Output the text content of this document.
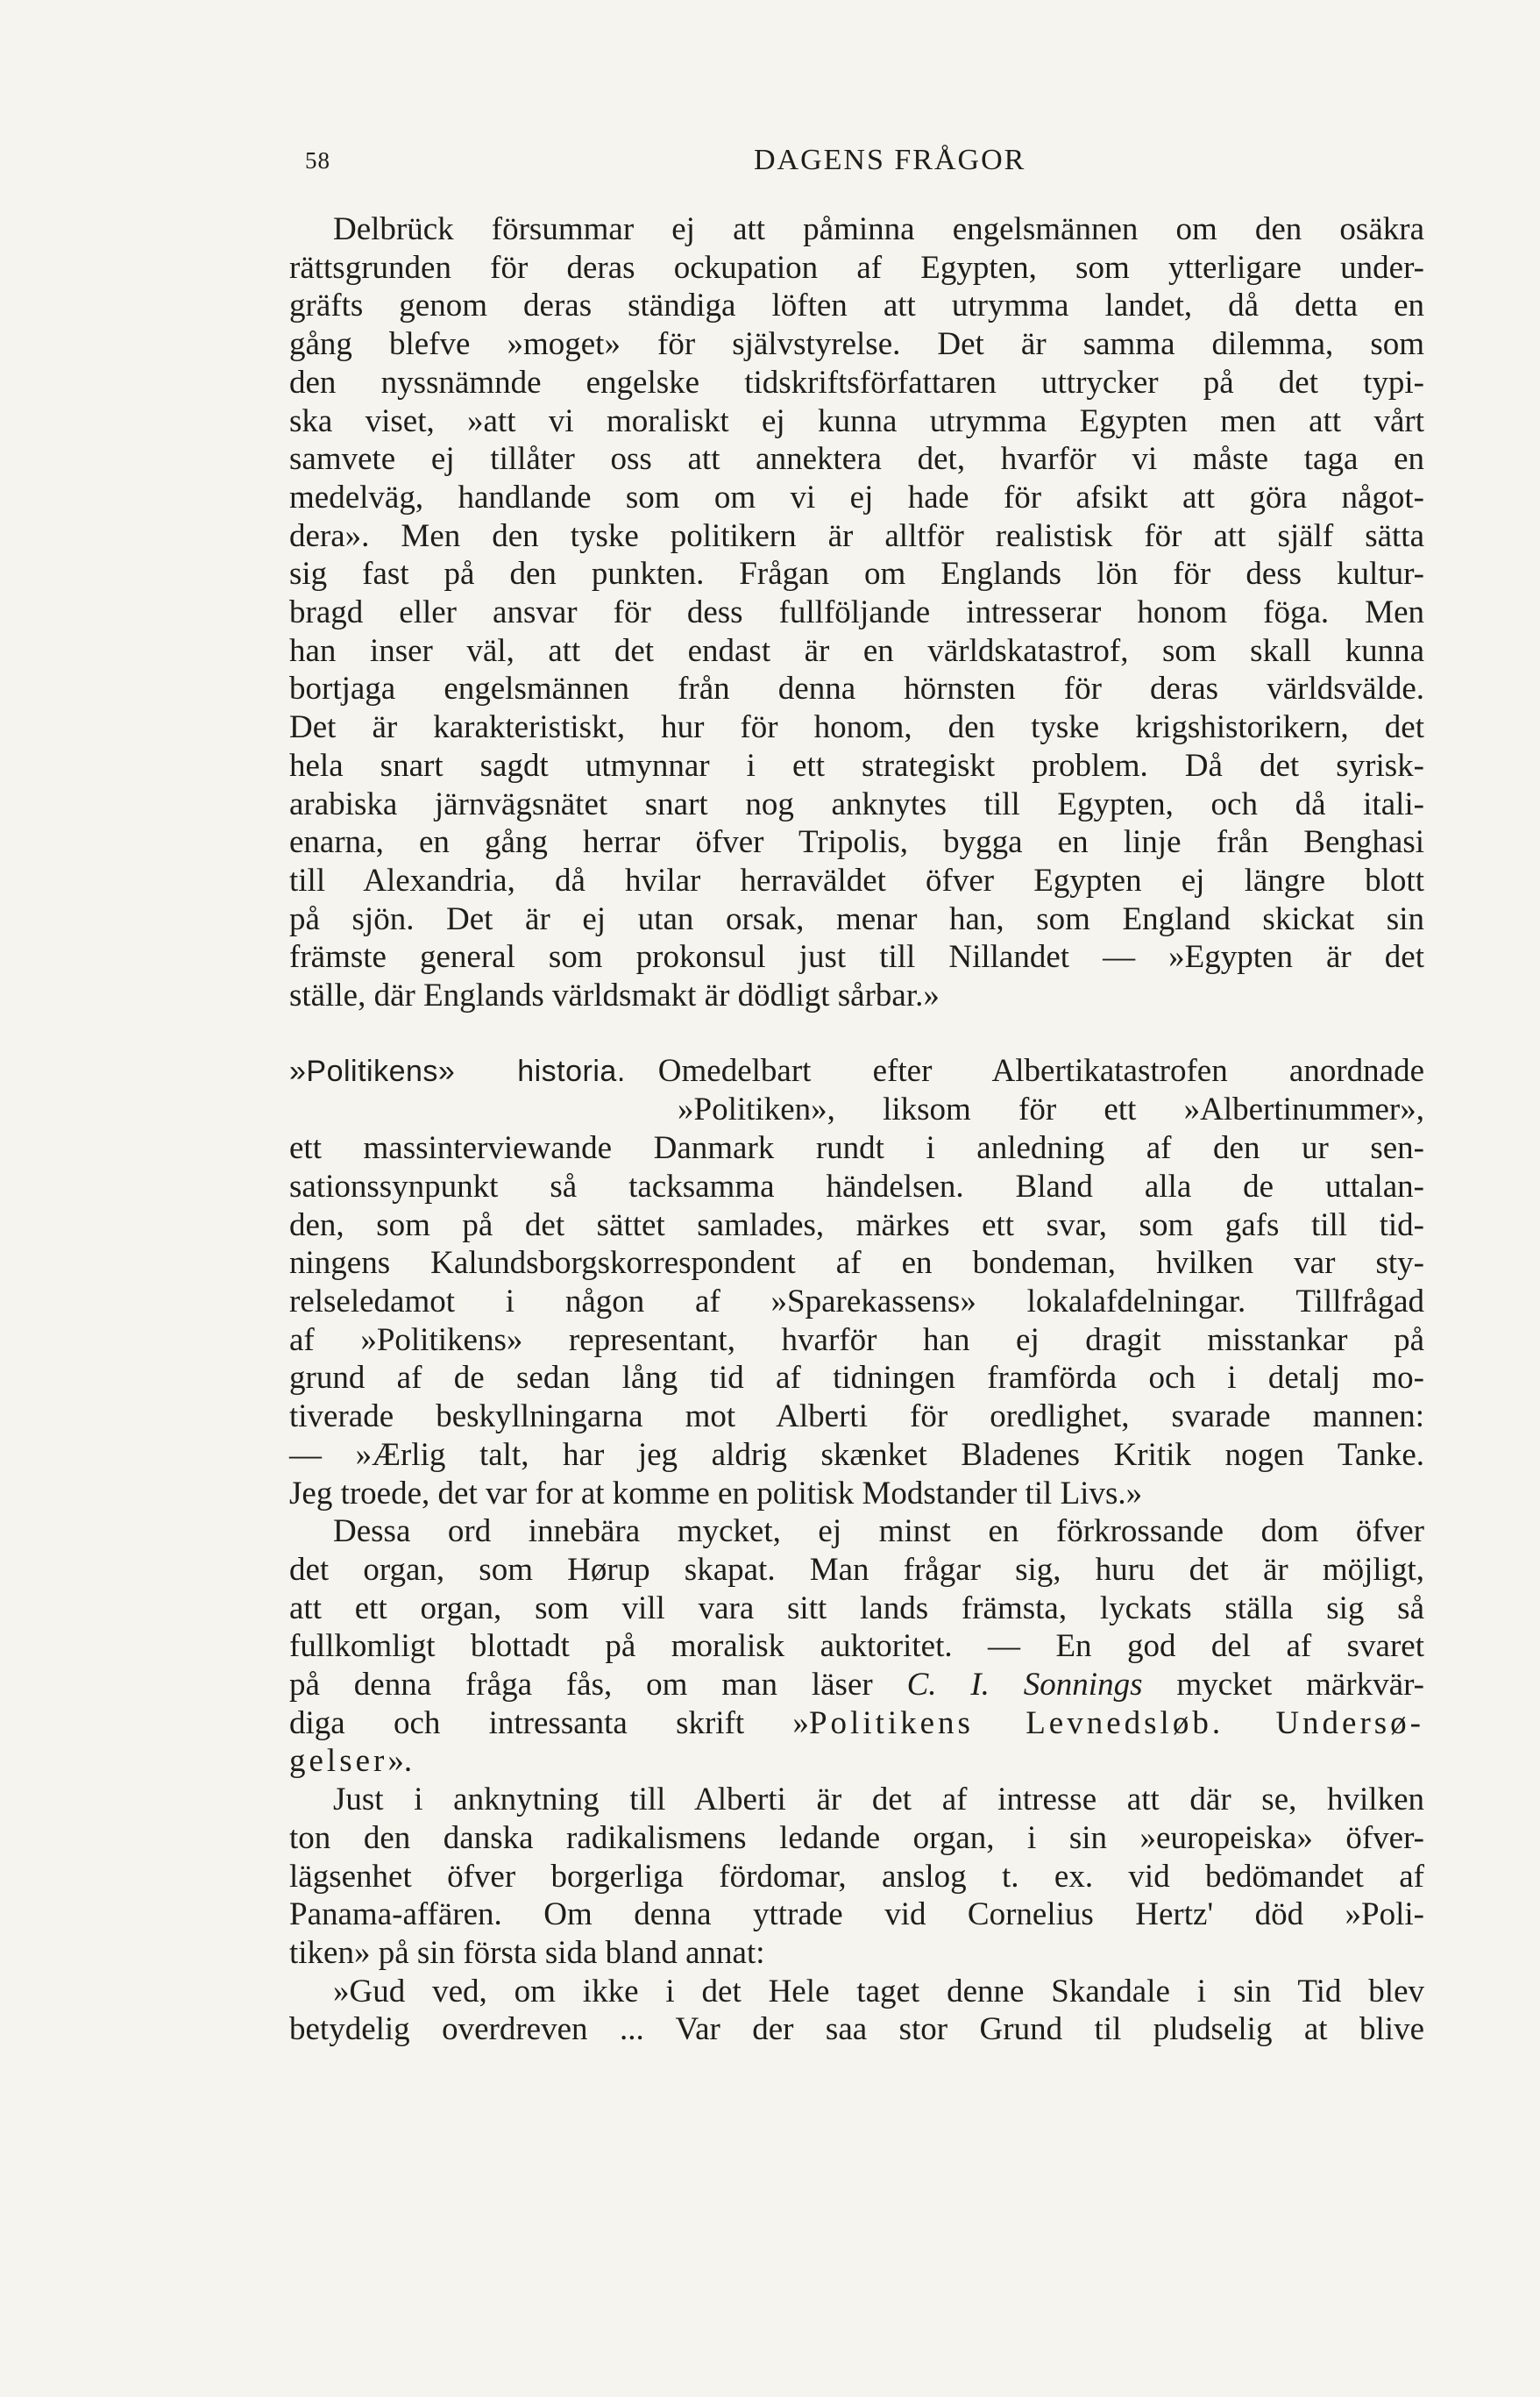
58	DAGENS FRÅGOR

Delbrück försummar ej att påminna engelsmännen om den osäkra
rättsgrunden för deras ockupation af Egypten, som ytterligare under-
gräfts genom deras ständiga löften att utrymma landet, då detta en
gång blefve »moget» för självstyrelse. Det är samma dilemma, som
den nyssnämnde engelske tidskriftsförfattaren uttrycker på det typi-
ska viset, »att vi moraliskt ej kunna utrymma Egypten men att vårt
samvete ej tillåter oss att annektera det, hvarför vi måste taga en
medelväg, handlande som om vi ej hade för afsikt att göra något-
dera». Men den tyske politikern är alltför realistisk för att själf sätta
sig fast på den punkten. Frågan om Englands lön för dess kultur-
bragd eller ansvar för dess fullföljande intresserar honom föga. Men
han inser väl, att det endast är en världskatastrof, som skall kunna
bortjaga engelsmännen från denna hörnsten för deras världsvälde.
Det är karakteristiskt, hur för honom, den tyske krigshistorikern, det
hela snart sagdt utmynnar i ett strategiskt problem. Då det syrisk-
arabiska järnvägsnätet snart nog anknytes till Egypten, och då itali-
enarna, en gång herrar öfver Tripolis, bygga en linje från Benghasi
till Alexandria, då hvilar herraväldet öfver Egypten ej längre blott
på sjön. Det är ej utan orsak, menar han, som England skickat sin
främste general som prokonsul just till Nillandet — »Egypten är det
ställe, där Englands världsmakt är dödligt sårbar.»

»Politikens» historia.  Omedelbart efter Albertikatastrofen anordnade
»Politiken», liksom för ett »Albertinummer»,
ett massinterviewande Danmark rundt i anledning af den ur sen-
sationssynpunkt så tacksamma händelsen. Bland alla de uttalan-
den, som på det sättet samlades, märkes ett svar, som gafs till tid-
ningens Kalundsborgskorrespondent af en bondeman, hvilken var sty-
relseledamot i någon af »Sparekassens» lokalafdelningar. Tillfrågad
af »Politikens» representant, hvarför han ej dragit misstankar på
grund af de sedan lång tid af tidningen framförda och i detalj mo-
tiverade beskyllningarna mot Alberti för oredlighet, svarade mannen:
— »Ærlig talt, har jeg aldrig skænket Bladenes Kritik nogen Tanke.
Jeg troede, det var for at komme en politisk Modstander til Livs.»

Dessa ord innebära mycket, ej minst en förkrossande dom öfver
det organ, som Hørup skapat. Man frågar sig, huru det är möjligt,
att ett organ, som vill vara sitt lands främsta, lyckats ställa sig så
fullkomligt blottadt på moralisk auktoritet. — En god del af svaret
på denna fråga fås, om man läser C. I. Sonnings mycket märkvär-
diga och intressanta skrift »Politikens Levnedsløb. Undersø-
gelser».

Just i anknytning till Alberti är det af intresse att där se, hvilken
ton den danska radikalismens ledande organ, i sin »europeiska» öfver-
lägsenhet öfver borgerliga fördomar, anslog t. ex. vid bedömandet af
Panama-affären. Om denna yttrade vid Cornelius Hertz' död »Poli-
tiken» på sin första sida bland annat:

»Gud ved, om ikke i det Hele taget denne Skandale i sin Tid blev
betydelig overdreven ... Var der saa stor Grund til pludselig at blive
